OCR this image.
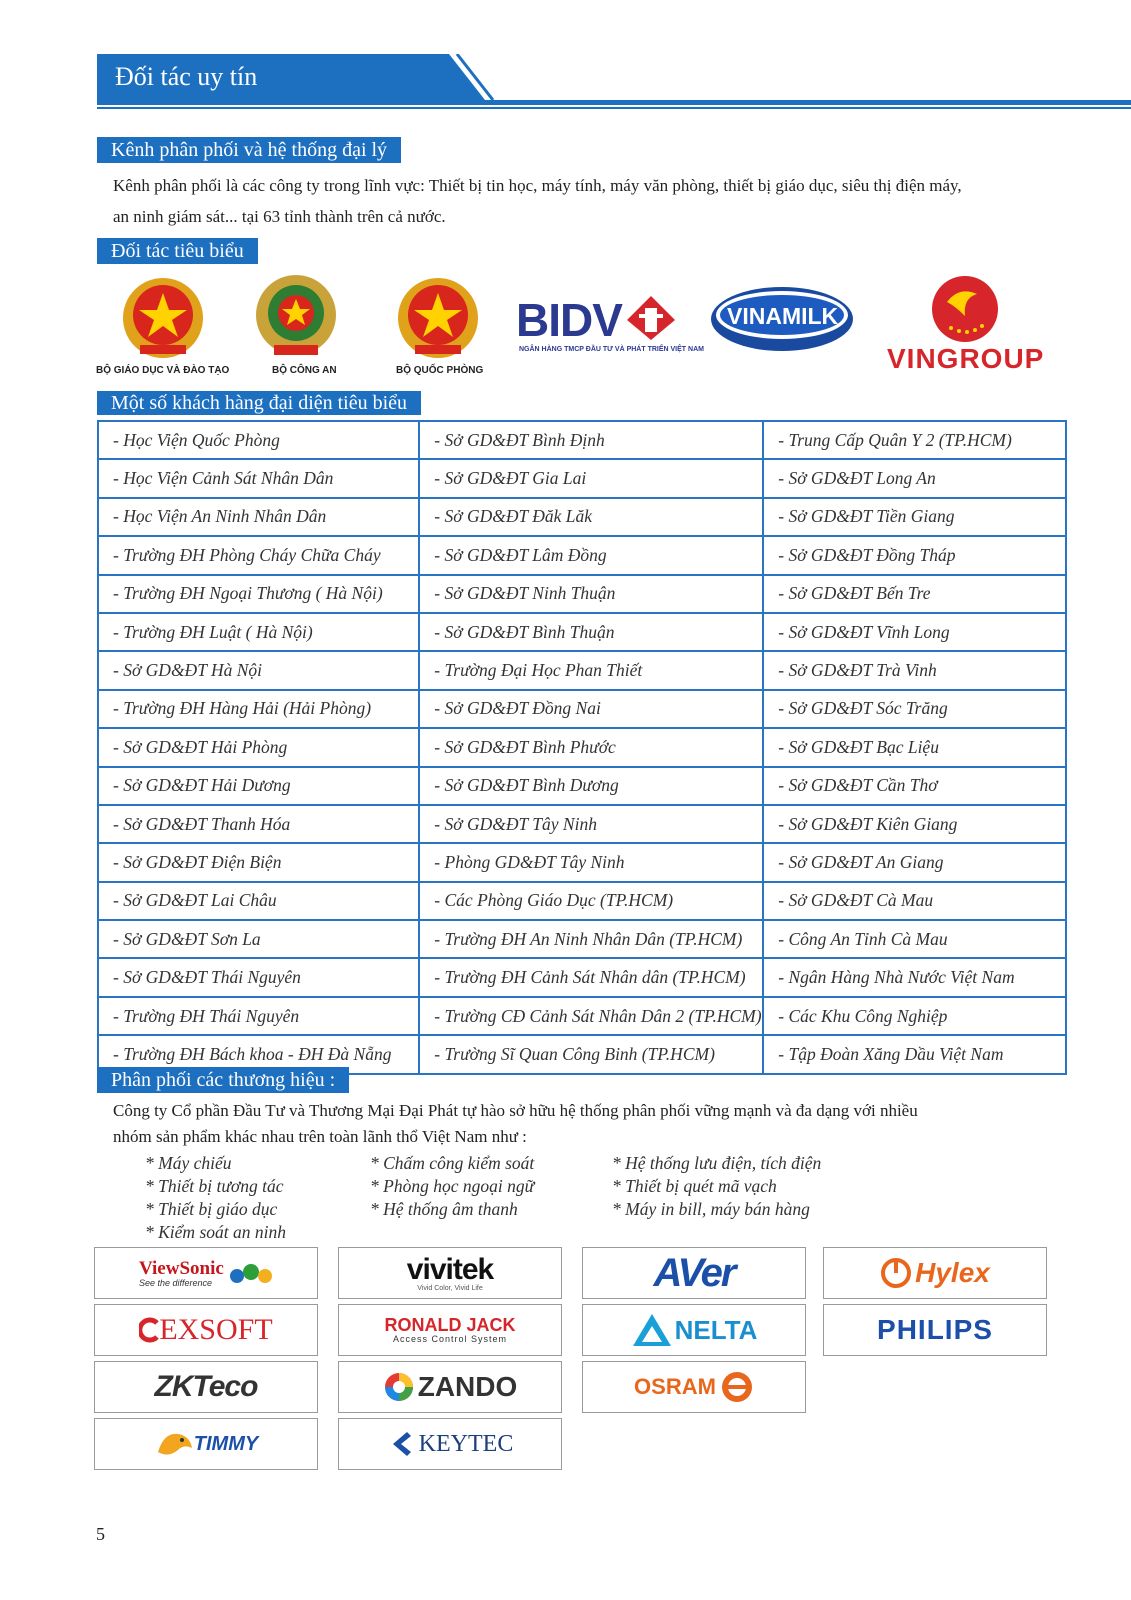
Đối tác uy tín
Kênh phân phối và hệ thống đại lý
Kênh phân phối là các công ty trong lĩnh vực: Thiết bị tin học, máy tính, máy văn phòng, thiết bị giáo dục, siêu thị điện máy,
an ninh giám sát... tại 63 tỉnh thành trên cả nước.
Đối tác tiêu biểu
BỘ GIÁO DỤC VÀ ĐÀO TẠO	BỘ CÔNG AN	BỘ QUỐC PHÒNG
BIDV
NGÂN HÀNG TMCP ĐẦU TƯ VÀ PHÁT TRIỂN VIỆT NAM
VINAMILK
VINGROUP
Một số khách hàng đại diện tiêu biểu
- Học Viện Quốc Phòng	- Sở GD&ĐT Bình Định	- Trung Cấp Quân Y 2 (TP.HCM)
- Học Viện Cảnh Sát Nhân Dân	- Sở GD&ĐT Gia Lai	- Sở GD&ĐT Long An
- Học Viện An Ninh Nhân Dân	- Sở GD&ĐT Đăk Lăk	- Sở GD&ĐT Tiền Giang
- Trường ĐH Phòng Cháy Chữa Cháy	- Sở GD&ĐT Lâm Đồng	- Sở GD&ĐT Đồng Tháp
- Trường ĐH Ngoại Thương ( Hà Nội)	- Sở GD&ĐT Ninh Thuận	- Sở GD&ĐT Bến Tre
- Trường ĐH Luật ( Hà Nội)	- Sở GD&ĐT Bình Thuận	- Sở GD&ĐT Vĩnh Long
- Sở GD&ĐT Hà Nội	- Trường Đại Học Phan Thiết	- Sở GD&ĐT Trà Vinh
- Trường ĐH Hàng Hải (Hải Phòng)	- Sở GD&ĐT Đồng Nai	- Sở GD&ĐT Sóc Trăng
- Sở GD&ĐT Hải Phòng	- Sở GD&ĐT Bình Phước	- Sở GD&ĐT Bạc Liệu
- Sở GD&ĐT Hải Dương	- Sở GD&ĐT Bình Dương	- Sở GD&ĐT Cần Thơ
- Sở GD&ĐT Thanh Hóa	- Sở GD&ĐT Tây Ninh	- Sở GD&ĐT Kiên Giang
- Sở GD&ĐT Điện Biện	- Phòng GD&ĐT Tây Ninh	- Sở GD&ĐT An Giang
- Sở GD&ĐT Lai Châu	- Các Phòng Giáo Dục (TP.HCM)	- Sở GD&ĐT Cà Mau
- Sở GD&ĐT Sơn La	- Trường ĐH An Ninh Nhân Dân (TP.HCM)	- Công An Tỉnh Cà Mau
- Sở GD&ĐT Thái Nguyên	- Trường ĐH Cảnh Sát Nhân dân (TP.HCM)	- Ngân Hàng Nhà Nước Việt Nam
- Trường ĐH Thái Nguyên	- Trường CĐ Cảnh Sát Nhân Dân 2 (TP.HCM)	- Các Khu Công Nghiệp
- Trường ĐH Bách khoa - ĐH Đà Nẵng	- Trường Sĩ Quan Công Binh (TP.HCM)	- Tập Đoàn Xăng Dầu Việt Nam
Phân phối các thương hiệu :
Công ty Cổ phần Đầu Tư và Thương Mại Đại Phát tự hào sở hữu hệ thống phân phối vững mạnh và đa dạng với nhiều
nhóm sản phẩm khác nhau trên toàn lãnh thổ Việt Nam như :
* Máy chiếu
* Thiết bị tương tác
* Thiết bị giáo dục
* Kiểm soát an ninh
* Chấm công kiểm soát
* Phòng học ngoại ngữ
* Hệ thống âm thanh
* Hệ thống lưu điện, tích điện
* Thiết bị quét mã vạch
* Máy in bill, máy bán hàng
ViewSonic
See the difference	vivitek
Vivid Color, Vivid Life	AVer	Hylex
EXSOFT	RONALD JACK
Access Control System	NELTA	PHILIPS
ZKTeco	ZANDO	OSRAM
TIMMY	KEYTEC
5
